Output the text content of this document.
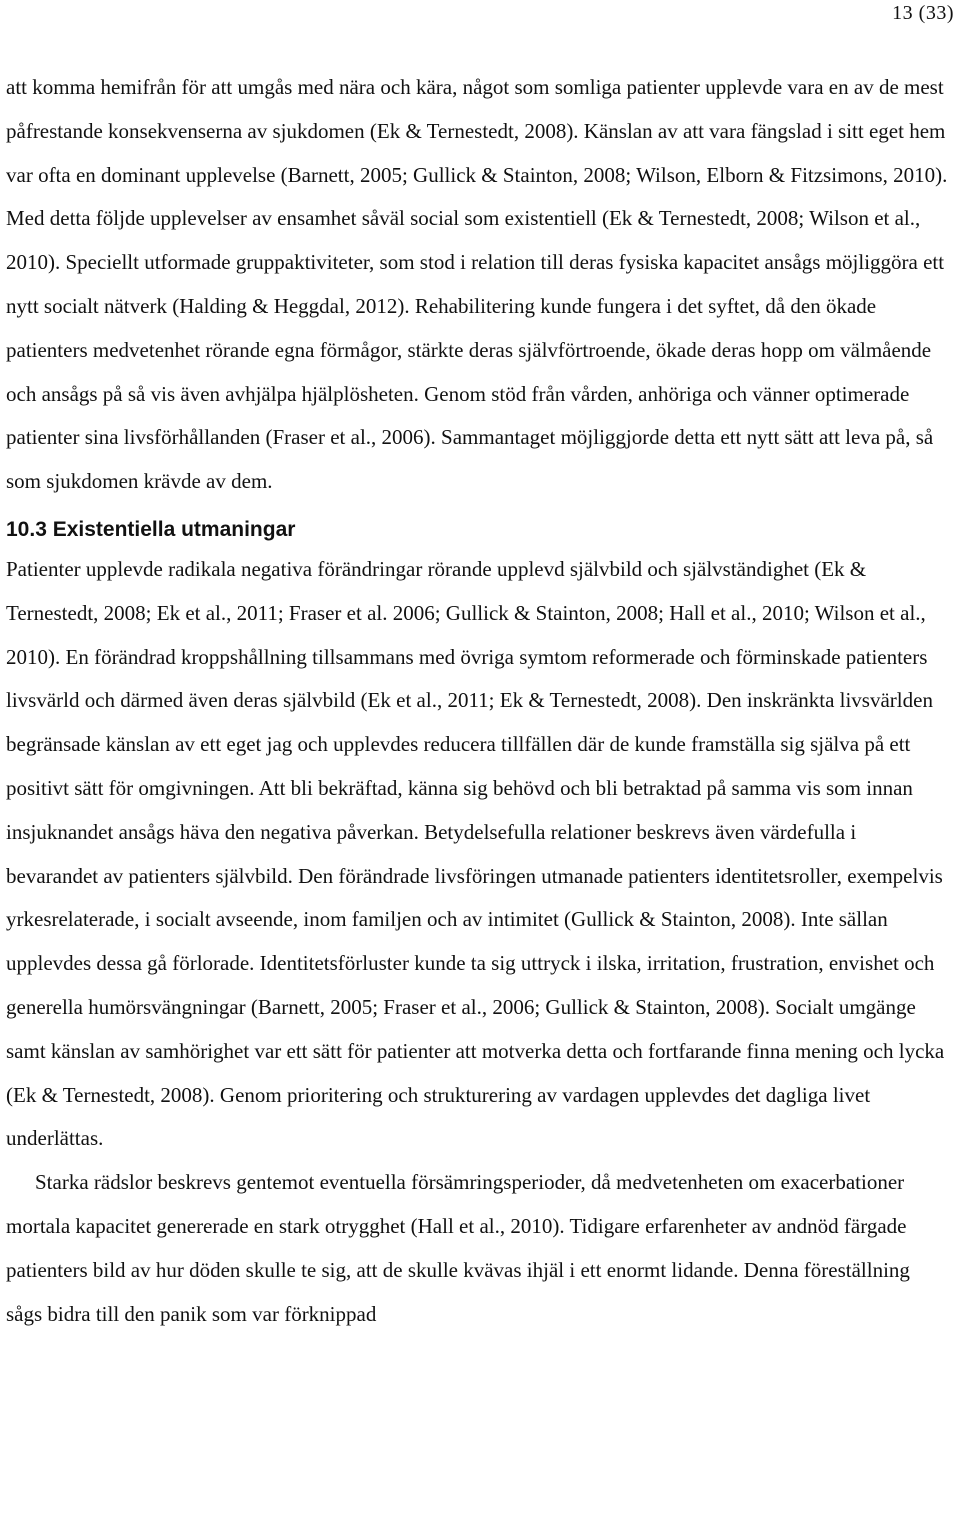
13 (33)

att komma hemifrån för att umgås med nära och kära, något som somliga patienter upplevde vara en av de mest påfrestande konsekvenserna av sjukdomen (Ek & Ternestedt, 2008). Känslan av att vara fängslad i sitt eget hem var ofta en dominant upplevelse (Barnett, 2005; Gullick & Stainton, 2008; Wilson, Elborn & Fitzsimons, 2010). Med detta följde upplevelser av ensamhet såväl social som existentiell (Ek & Ternestedt, 2008; Wilson et al., 2010). Speciellt utformade gruppaktiviteter, som stod i relation till deras fysiska kapacitet ansågs möjliggöra ett nytt socialt nätverk (Halding & Heggdal, 2012). Rehabilitering kunde fungera i det syftet, då den ökade patienters medvetenhet rörande egna förmågor, stärkte deras självförtroende, ökade deras hopp om välmående och ansågs på så vis även avhjälpa hjälplösheten. Genom stöd från vården, anhöriga och vänner optimerade patienter sina livsförhållanden (Fraser et al., 2006). Sammantaget möjliggjorde detta ett nytt sätt att leva på, så som sjukdomen krävde av dem.

10.3 Existentiella utmaningar

Patienter upplevde radikala negativa förändringar rörande upplevd självbild och självständighet (Ek & Ternestedt, 2008; Ek et al., 2011; Fraser et al. 2006; Gullick & Stainton, 2008; Hall et al., 2010; Wilson et al., 2010). En förändrad kroppshållning tillsammans med övriga symtom reformerade och förminskade patienters livsvärld och därmed även deras självbild (Ek et al., 2011; Ek & Ternestedt, 2008). Den inskränkta livsvärlden begränsade känslan av ett eget jag och upplevdes reducera tillfällen där de kunde framställa sig själva på ett positivt sätt för omgivningen. Att bli bekräftad, känna sig behövd och bli betraktad på samma vis som innan insjuknandet ansågs häva den negativa påverkan. Betydelsefulla relationer beskrevs även värdefulla i bevarandet av patienters självbild. Den förändrade livsföringen utmanade patienters identitetsroller, exempelvis yrkesrelaterade, i socialt avseende, inom familjen och av intimitet (Gullick & Stainton, 2008). Inte sällan upplevdes dessa gå förlorade. Identitetsförluster kunde ta sig uttryck i ilska, irritation, frustration, envishet och generella humörsvängningar (Barnett, 2005; Fraser et al., 2006; Gullick & Stainton, 2008). Socialt umgänge samt känslan av samhörighet var ett sätt för patienter att motverka detta och fortfarande finna mening och lycka (Ek & Ternestedt, 2008). Genom prioritering och strukturering av vardagen upplevdes det dagliga livet underlättas.

Starka rädslor beskrevs gentemot eventuella försämringsperioder, då medvetenheten om exacerbationer mortala kapacitet genererade en stark otrygghet (Hall et al., 2010). Tidigare erfarenheter av andnöd färgade patienters bild av hur döden skulle te sig, att de skulle kvävas ihjäl i ett enormt lidande. Denna föreställning sågs bidra till den panik som var förknippad
